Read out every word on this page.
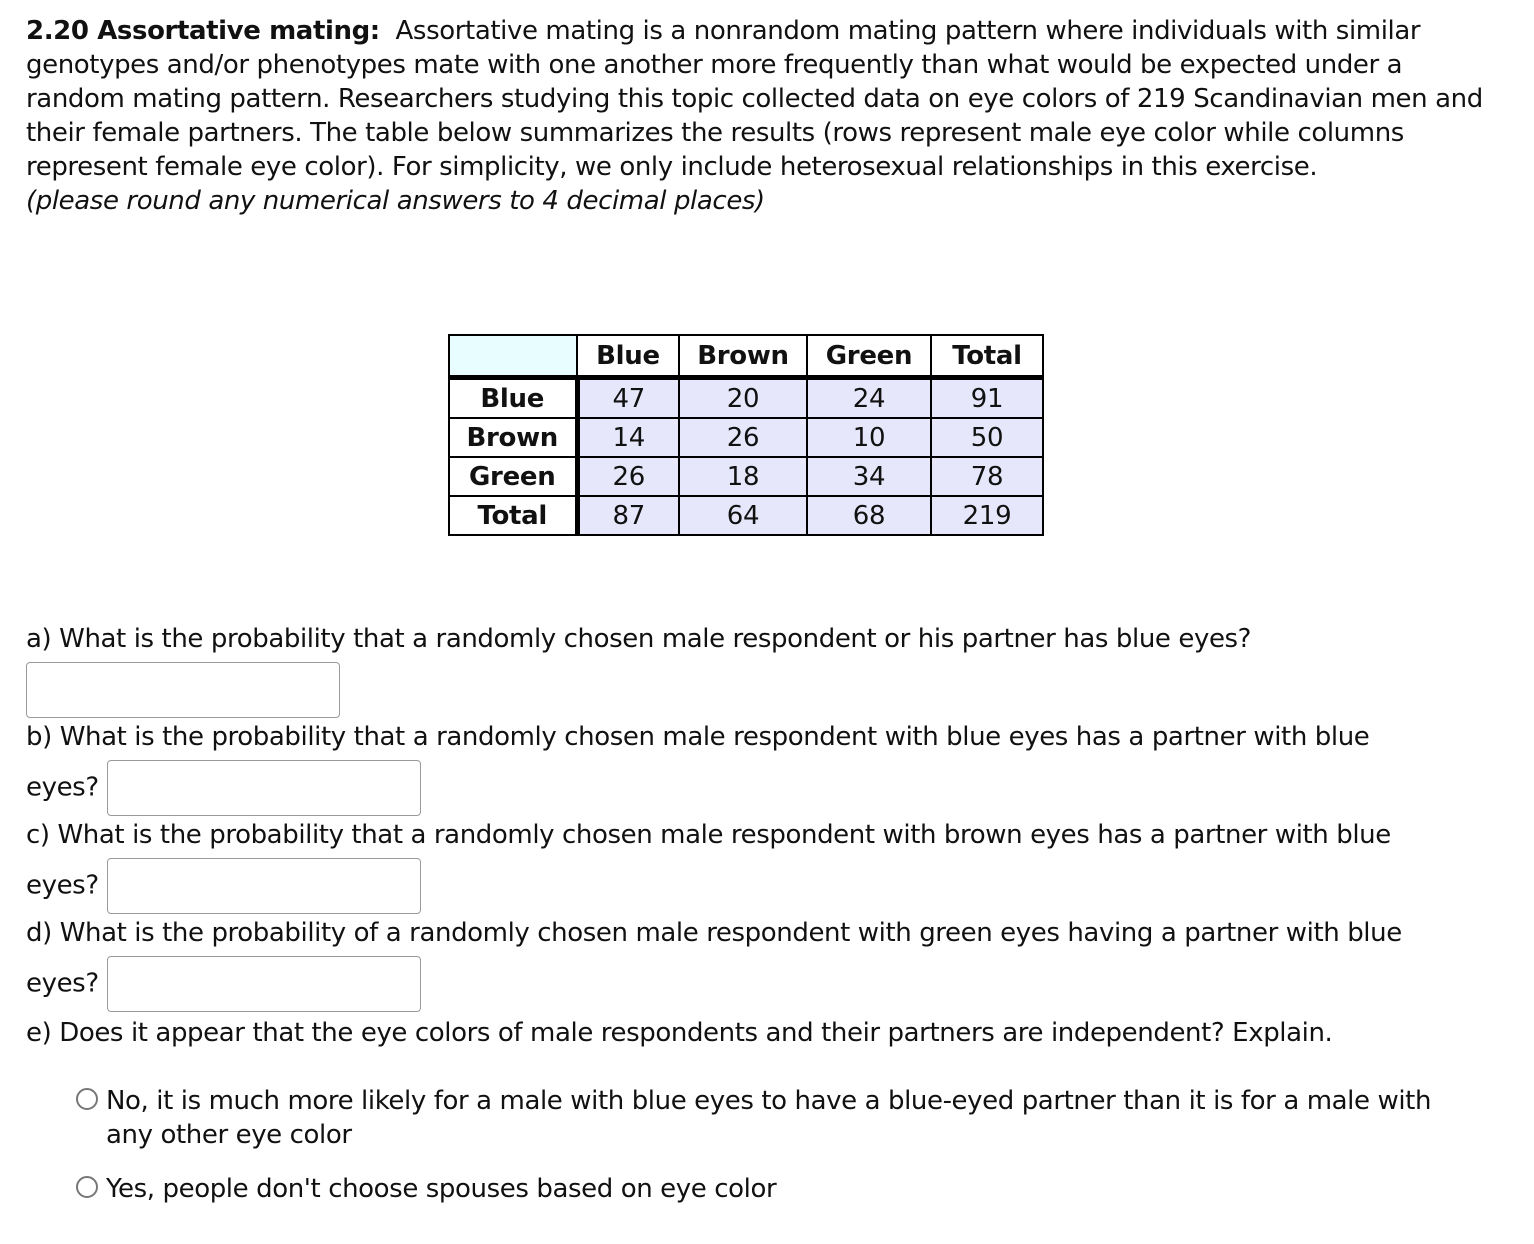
2.20 Assortative mating: Assortative mating is a nonrandom mating pattern where individuals with similar genotypes and/or phenotypes mate with one another more frequently than what would be expected under a random mating pattern. Researchers studying this topic collected data on eye colors of 219 Scandinavian men and their female partners. The table below summarizes the results (rows represent male eye color while columns represent female eye color). For simplicity, we only include heterosexual relationships in this exercise.

(please round any numerical answers to 4 decimal places)

	Blue	Brown	Green	Total
Blue	47	20	24	91
Brown	14	26	10	50
Green	26	18	34	78
Total	87	64	68	219
a) What is the probability that a randomly chosen male respondent or his partner has blue eyes?

b) What is the probability that a randomly chosen male respondent with blue eyes has a partner with blue eyes?
c) What is the probability that a randomly chosen male respondent with brown eyes has a partner with blue eyes?
d) What is the probability of a randomly chosen male respondent with green eyes having a partner with blue eyes?
e) Does it appear that the eye colors of male respondents and their partners are independent? Explain.
No, it is much more likely for a male with blue eyes to have a blue-eyed partner than it is for a male with any other eye color
Yes, people don't choose spouses based on eye color
